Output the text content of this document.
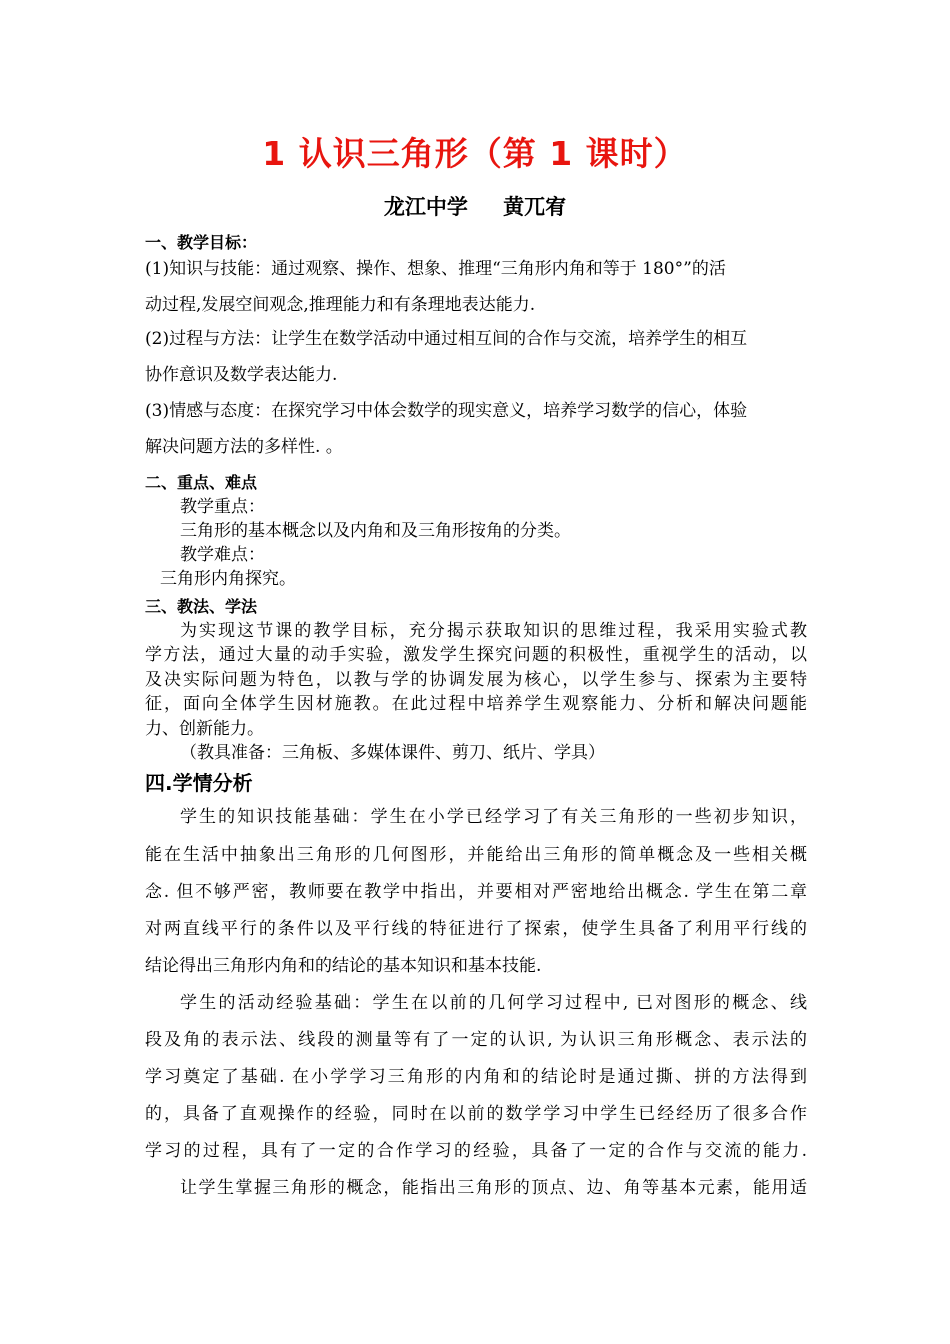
1 认识三角形（第 1 课时）
龙江中学 黄兀宥

一、教学目标：

(1)知识与技能：通过观察、操作、想象、推理“三角形内角和等于 180°”的活

动过程,发展空间观念,推理能力和有条理地表达能力.

(2)过程与方法：让学生在数学活动中通过相互间的合作与交流，培养学生的相互

协作意识及数学表达能力.

(3)情感与态度：在探究学习中体会数学的现实意义，培养学习数学的信心，体验

解决问题方法的多样性. 。

二、重点、难点

教学重点：

三角形的基本概念以及内角和及三角形按角的分类。

教学难点：

三角形内角探究。

三、教法、学法

为实现这节课的教学目标，充分揭示获取知识的思维过程，我采用实验式教

学方法，通过大量的动手实验，激发学生探究问题的积极性，重视学生的活动，以

及决实际问题为特色，以教与学的协调发展为核心，以学生参与、探索为主要特

征，面向全体学生因材施教。在此过程中培养学生观察能力、分析和解决问题能

力、创新能力。

（教具准备：三角板、多媒体课件、剪刀、纸片、学具）

四.学情分析

学生的知识技能基础：学生在小学已经学习了有关三角形的一些初步知识，

能在生活中抽象出三角形的几何图形，并能给出三角形的简单概念及一些相关概

念. 但不够严密，教师要在教学中指出，并要相对严密地给出概念. 学生在第二章

对两直线平行的条件以及平行线的特征进行了探索，使学生具备了利用平行线的

结论得出三角形内角和的结论的基本知识和基本技能.

学生的活动经验基础：学生在以前的几何学习过程中, 已对图形的概念、线

段及角的表示法、线段的测量等有了一定的认识, 为认识三角形概念、表示法的

学习奠定了基础. 在小学学习三角形的内角和的结论时是通过撕、拼的方法得到

的，具备了直观操作的经验，同时在以前的数学学习中学生已经经历了很多合作

学习的过程，具有了一定的合作学习的经验，具备了一定的合作与交流的能力.

让学生掌握三角形的概念，能指出三角形的顶点、边、角等基本元素，能用适
